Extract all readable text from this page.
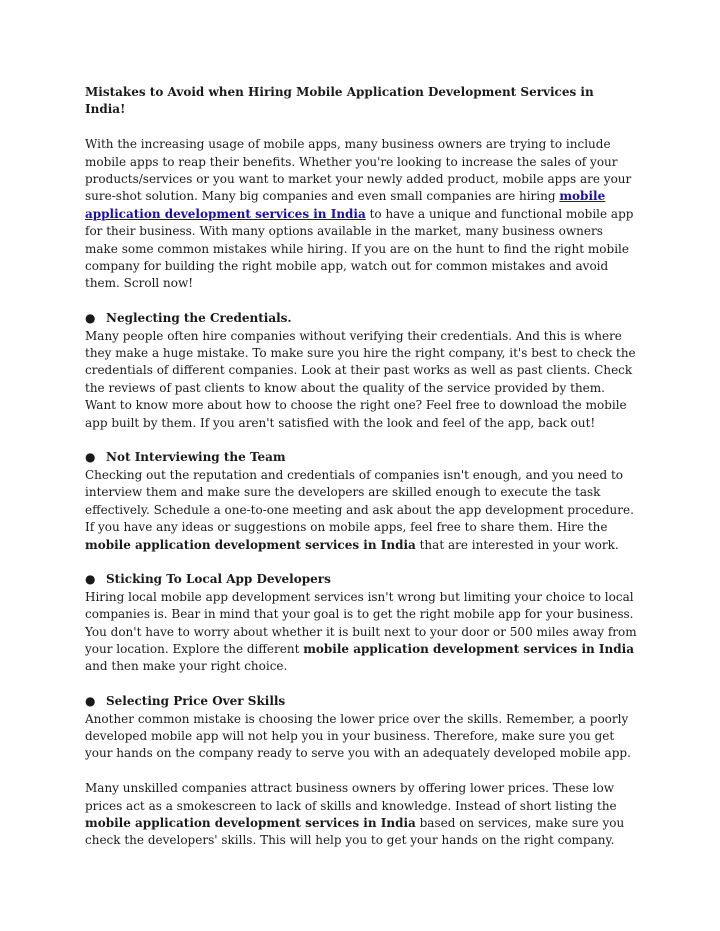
Mistakes to Avoid when Hiring Mobile Application Development Services in India!

With the increasing usage of mobile apps, many business owners are trying to include mobile apps to reap their benefits. Whether you're looking to increase the sales of your products/services or you want to market your newly added product, mobile apps are your sure-shot solution. Many big companies and even small companies are hiring mobile application development services in India to have a unique and functional mobile app for their business. With many options available in the market, many business owners make some common mistakes while hiring. If you are on the hunt to find the right mobile company for building the right mobile app, watch out for common mistakes and avoid them. Scroll now!

● Neglecting the Credentials.

Many people often hire companies without verifying their credentials. And this is where they make a huge mistake. To make sure you hire the right company, it's best to check the credentials of different companies. Look at their past works as well as past clients. Check the reviews of past clients to know about the quality of the service provided by them. Want to know more about how to choose the right one? Feel free to download the mobile app built by them. If you aren't satisfied with the look and feel of the app, back out!

● Not Interviewing the Team

Checking out the reputation and credentials of companies isn't enough, and you need to interview them and make sure the developers are skilled enough to execute the task effectively. Schedule a one-to-one meeting and ask about the app development procedure. If you have any ideas or suggestions on mobile apps, feel free to share them. Hire the mobile application development services in India that are interested in your work.

● Sticking To Local App Developers

Hiring local mobile app development services isn't wrong but limiting your choice to local companies is. Bear in mind that your goal is to get the right mobile app for your business. You don't have to worry about whether it is built next to your door or 500 miles away from your location. Explore the different mobile application development services in India and then make your right choice.

● Selecting Price Over Skills

Another common mistake is choosing the lower price over the skills. Remember, a poorly developed mobile app will not help you in your business. Therefore, make sure you get your hands on the company ready to serve you with an adequately developed mobile app.

Many unskilled companies attract business owners by offering lower prices. These low prices act as a smokescreen to lack of skills and knowledge. Instead of short listing the mobile application development services in India based on services, make sure you check the developers' skills. This will help you to get your hands on the right company.
